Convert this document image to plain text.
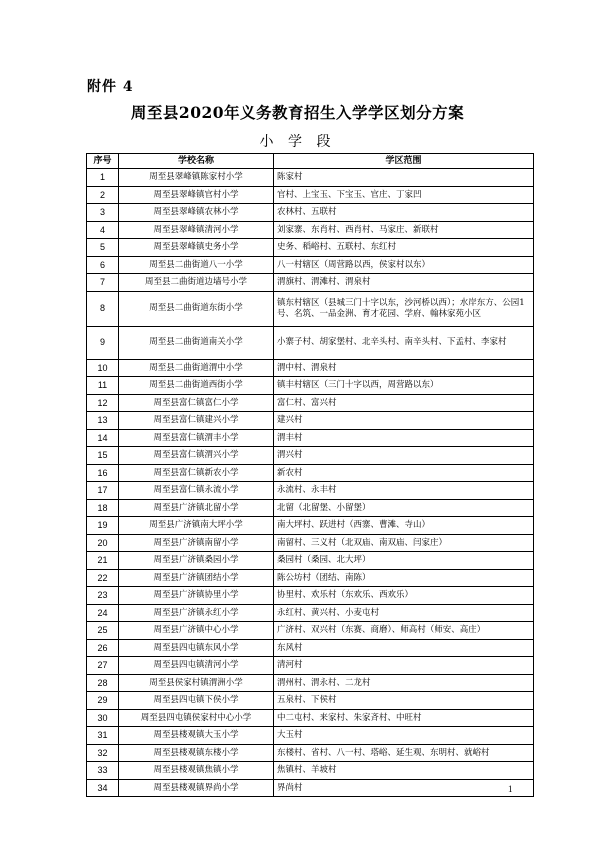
附件 4
周至县2020年义务教育招生入学学区划分方案
小 学 段
序号	学校名称	学区范围
1	周至县翠峰镇陈家村小学	陈家村
2	周至县翠峰镇官村小学	官村、上宝玉、下宝玉、官庄、丁家凹
3	周至县翠峰镇农林小学	农林村、五联村
4	周至县翠峰镇清河小学	刘家寨、东肖村、西肖村、马家庄、新联村
5	周至县翠峰镇史务小学	史务、稻峪村、五联村、东红村
6	周至县二曲街道八一小学	八一村辖区（周营路以西，侯家村以东）
7	周至县二曲街道边墙号小学	渭旗村、渭滩村、渭泉村
8	周至县二曲街道东街小学	镇东村辖区（县城三门十字以东，沙河桥以西）；水岸东方、公园1号、名筑、一品金洲、育才花园、学府、翰林家苑小区
9	周至县二曲街道南关小学	小寨子村、胡家堡村、北辛头村、南辛头村、下孟村、李家村
10	周至县二曲街道渭中小学	渭中村、渭泉村
11	周至县二曲街道西街小学	镇丰村辖区（三门十字以西，周营路以东）
12	周至县富仁镇富仁小学	富仁村、富兴村
13	周至县富仁镇建兴小学	建兴村
14	周至县富仁镇渭丰小学	渭丰村
15	周至县富仁镇渭兴小学	渭兴村
16	周至县富仁镇新农小学	新农村
17	周至县富仁镇永流小学	永流村、永丰村
18	周至县广济镇北留小学	北留（北留堡、小留堡）
19	周至县广济镇南大坪小学	南大坪村、跃进村（西寨、曹滩、寺山）
20	周至县广济镇南留小学	南留村、三义村（北双庙、南双庙、闫家庄）
21	周至县广济镇桑园小学	桑园村（桑园、北大坪）
22	周至县广济镇团结小学	陈公坊村（团结、南陈）
23	周至县广济镇协里小学	协里村、欢乐村（东欢乐、西欢乐）
24	周至县广济镇永红小学	永红村、黄兴村、小麦屯村
25	周至县广济镇中心小学	广济村、双兴村（东赛、商磨）、师高村（师安、高庄）
26	周至县四屯镇东风小学	东风村
27	周至县四屯镇清河小学	清河村
28	周至县侯家村镇渭洲小学	渭州村、渭永村、二龙村
29	周至县四屯镇下侯小学	五泉村、下侯村
30	周至县四屯镇侯家村中心小学	中二屯村、来家村、朱家斉村、中旺村
31	周至县楼观镇大玉小学	大玉村
32	周至县楼观镇东楼小学	东楼村、省村、八一村、塔峪、延生观、东明村、就峪村
33	周至县楼观镇焦镇小学	焦镇村、羊坡村
34	周至县楼观镇界尚小学	界尚村	1
